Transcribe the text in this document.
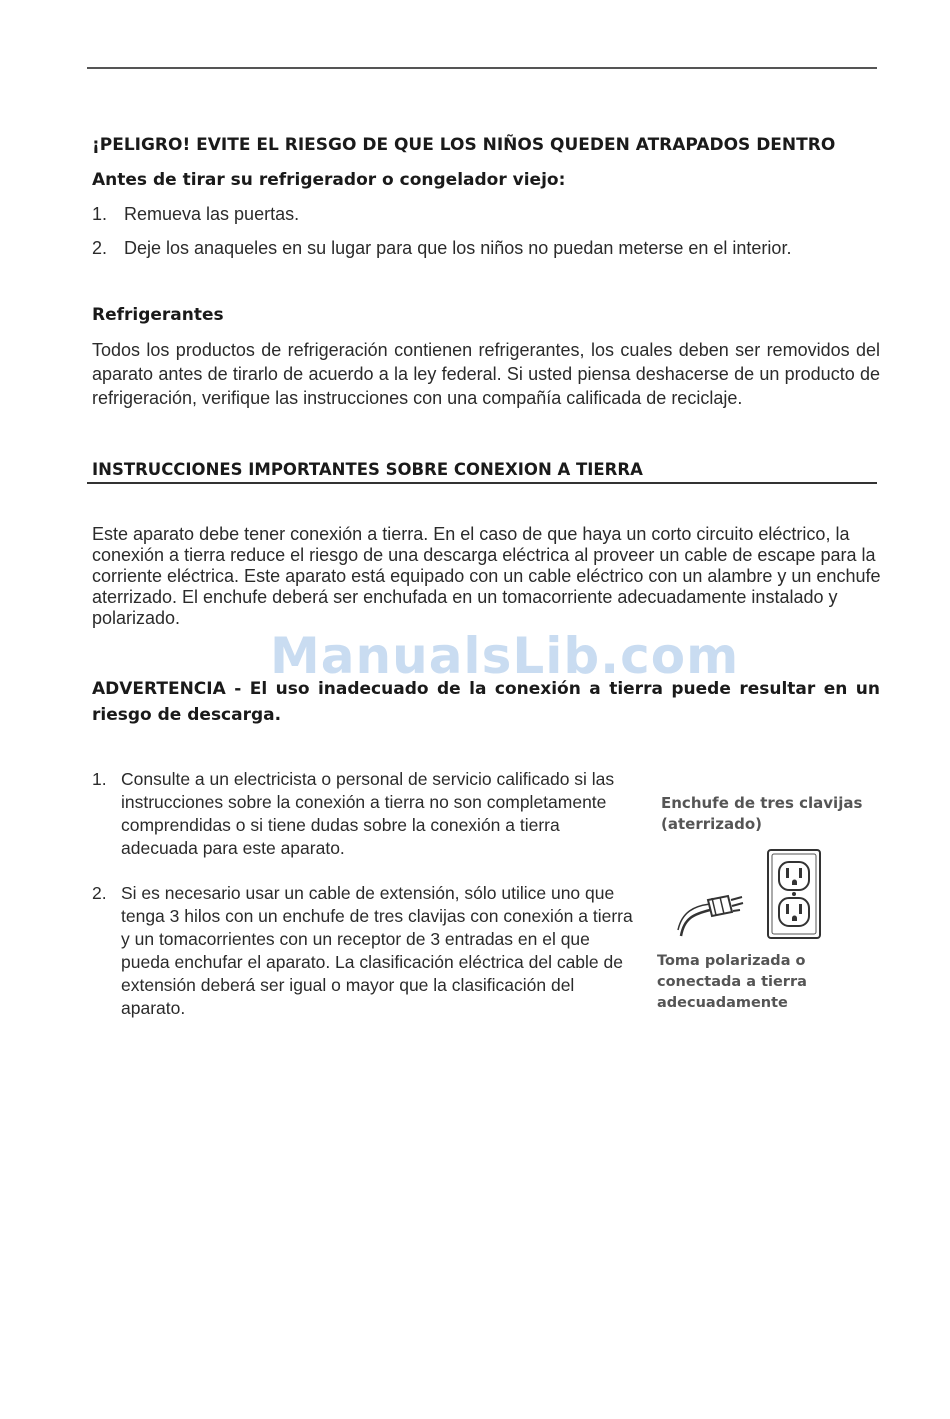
¡PELIGRO! EVITE EL RIESGO DE QUE LOS NIÑOS QUEDEN ATRAPADOS DENTRO
Antes de tirar su refrigerador o congelador viejo:
1. Remueva las puertas.
2. Deje los anaqueles en su lugar para que los niños no puedan meterse en el interior.
Refrigerantes
Todos los productos de refrigeración contienen refrigerantes, los cuales deben ser removidos del aparato antes de tirarlo de acuerdo a la ley federal. Si usted piensa deshacerse de un producto de refrigeración, verifique las instrucciones con una compañía calificada de reciclaje.
INSTRUCCIONES IMPORTANTES SOBRE CONEXION A TIERRA
Este aparato debe tener conexión a tierra. En el caso de que haya un corto circuito eléctrico, la conexión a tierra reduce el riesgo de una descarga eléctrica al proveer un cable de escape para la corriente eléctrica. Este aparato está equipado con un cable eléctrico con un alambre y un enchufe aterrizado. El enchufe deberá ser enchufada en un tomacorriente adecuadamente instalado y polarizado.
ManualsLib.com
ADVERTENCIA - El uso inadecuado de la conexión a tierra puede resultar en un riesgo de descarga.
1. Consulte a un electricista o personal de servicio calificado si las instrucciones sobre la conexión a tierra no son completamente comprendidas o si tiene dudas sobre la conexión a tierra adecuada para este aparato.
2. Si es necesario usar un cable de extensión, sólo utilice uno que tenga 3 hilos con un enchufe de tres clavijas con conexión a tierra y un tomacorrientes con un receptor de 3 entradas en el que pueda enchufar el aparato. La clasificación eléctrica del cable de extensión deberá ser igual o mayor que la clasificación del aparato.
Enchufe de tres clavijas (aterrizado)
Toma polarizada o conectada a tierra adecuadamente
